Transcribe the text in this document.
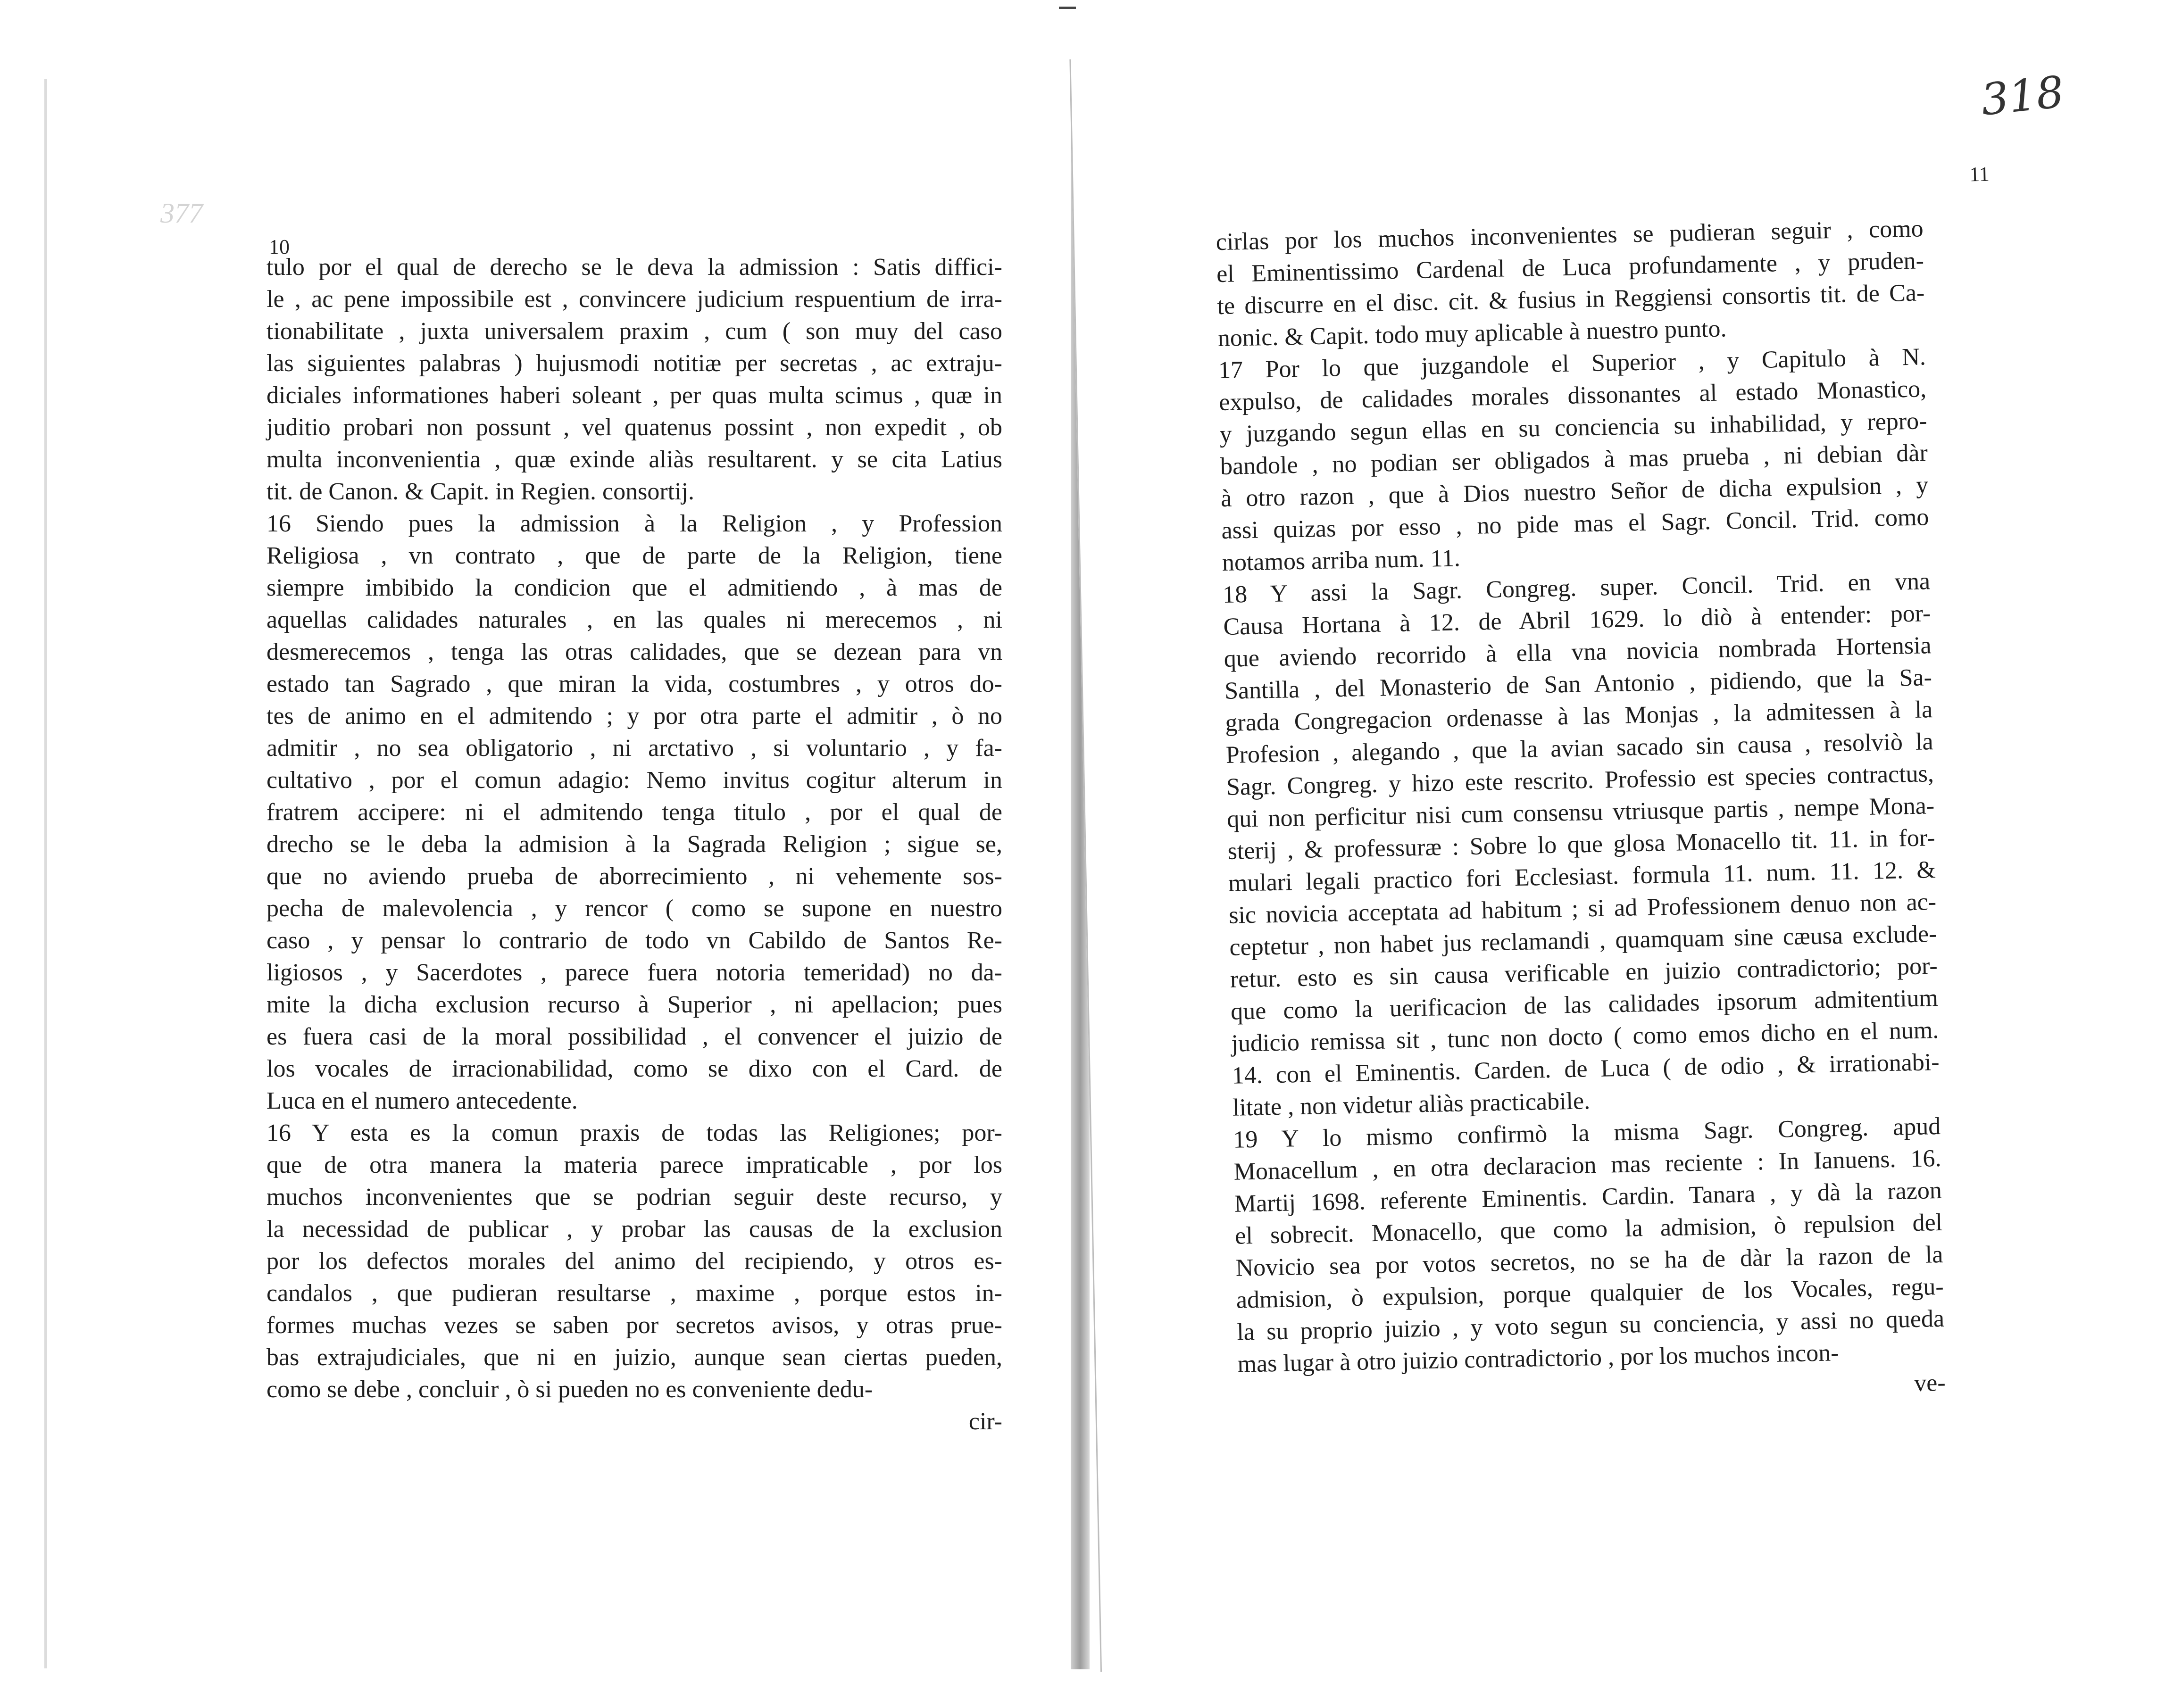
377
10
tulo por el qual de derecho se le deva la admission : Satis diffici-
le , ac pene impossibile est , convincere judicium respuentium de irra-
tionabilitate , juxta universalem praxim , cum ( son muy del caso
las siguientes palabras ) hujusmodi notitiæ per secretas , ac extraju-
diciales informationes haberi soleant , per quas multa scimus , quæ in
juditio probari non possunt , vel quatenus possint , non expedit , ob
multa inconvenientia , quæ exinde aliàs resultarent. y se cita Latius
tit. de Canon. & Capit. in Regien. consortij.
16 Siendo pues la admission à la Religion , y Profession
Religiosa , vn contrato , que de parte de la Religion, tiene
siempre imbibido la condicion que el admitiendo , à mas de
aquellas calidades naturales , en las quales ni merecemos , ni
desmerecemos , tenga las otras calidades, que se dezean para vn
estado tan Sagrado , que miran la vida, costumbres , y otros do-
tes de animo en el admitendo ; y por otra parte el admitir , ò no
admitir , no sea obligatorio , ni arctativo , si voluntario , y fa-
cultativo , por el comun adagio: Nemo invitus cogitur alterum in
fratrem accipere: ni el admitendo tenga titulo , por el qual de
drecho se le deba la admision à la Sagrada Religion ; sigue se,
que no aviendo prueba de aborrecimiento , ni vehemente sos-
pecha de malevolencia , y rencor ( como se supone en nuestro
caso , y pensar lo contrario de todo vn Cabildo de Santos Re-
ligiosos , y Sacerdotes , parece fuera notoria temeridad) no da-
mite la dicha exclusion recurso à Superior , ni apellacion; pues
es fuera casi de la moral possibilidad , el convencer el juizio de
los vocales de irracionabilidad, como se dixo con el Card. de
Luca en el numero antecedente.
16 Y esta es la comun praxis de todas las Religiones; por-
que de otra manera la materia parece impraticable , por los
muchos inconvenientes que se podrian seguir deste recurso, y
la necessidad de publicar , y probar las causas de la exclusion
por los defectos morales del animo del recipiendo, y otros es-
candalos , que pudieran resultarse , maxime , porque estos in-
formes muchas vezes se saben por secretos avisos, y otras prue-
bas extrajudiciales, que ni en juizio, aunque sean ciertas pueden,
como se debe , concluir , ò si pueden no es conveniente dedu-
cir-
11
cirlas por los muchos inconvenientes se pudieran seguir , como
el Eminentissimo Cardenal de Luca profundamente , y pruden-
te discurre en el disc. cit. & fusius in Reggiensi consortis tit. de Ca-
nonic. & Capit. todo muy aplicable à nuestro punto.
17 Por lo que juzgandole el Superior , y Capitulo à N.
expulso, de calidades morales dissonantes al estado Monastico,
y juzgando segun ellas en su conciencia su inhabilidad, y repro-
bandole , no podian ser obligados à mas prueba , ni debian dàr
à otro razon , que à Dios nuestro Señor de dicha expulsion , y
assi quizas por esso , no pide mas el Sagr. Concil. Trid. como
notamos arriba num. 11.
18 Y assi la Sagr. Congreg. super. Concil. Trid. en vna
Causa Hortana à 12. de Abril 1629. lo diò à entender: por-
que aviendo recorrido à ella vna novicia nombrada Hortensia
Santilla , del Monasterio de San Antonio , pidiendo, que la Sa-
grada Congregacion ordenasse à las Monjas , la admitessen à la
Profesion , alegando , que la avian sacado sin causa , resolviò la
Sagr. Congreg. y hizo este rescrito. Professio est species contractus,
qui non perficitur nisi cum consensu vtriusque partis , nempe Mona-
sterij , & professuræ : Sobre lo que glosa Monacello tit. 11. in for-
mulari legali practico fori Ecclesiast. formula 11. num. 11. 12. &
sic novicia acceptata ad habitum ; si ad Professionem denuo non ac-
ceptetur , non habet jus reclamandi , quamquam sine cæusa exclude-
retur. esto es sin causa verificable en juizio contradictorio; por-
que como la uerificacion de las calidades ipsorum admitentium
judicio remissa sit , tunc non docto ( como emos dicho en el num.
14. con el Eminentis. Carden. de Luca ( de odio , & irrationabi-
litate , non videtur aliàs practicabile.
19 Y lo mismo confirmò la misma Sagr. Congreg. apud
Monacellum , en otra declaracion mas reciente : In Ianuens. 16.
Martij 1698. referente Eminentis. Cardin. Tanara , y dà la razon
el sobrecit. Monacello, que como la admision, ò repulsion del
Novicio sea por votos secretos, no se ha de dàr la razon de la
admision, ò expulsion, porque qualquier de los Vocales, regu-
la su proprio juizio , y voto segun su conciencia, y assi no queda
mas lugar à otro juizio contradictorio , por los muchos incon-
ve-
318
